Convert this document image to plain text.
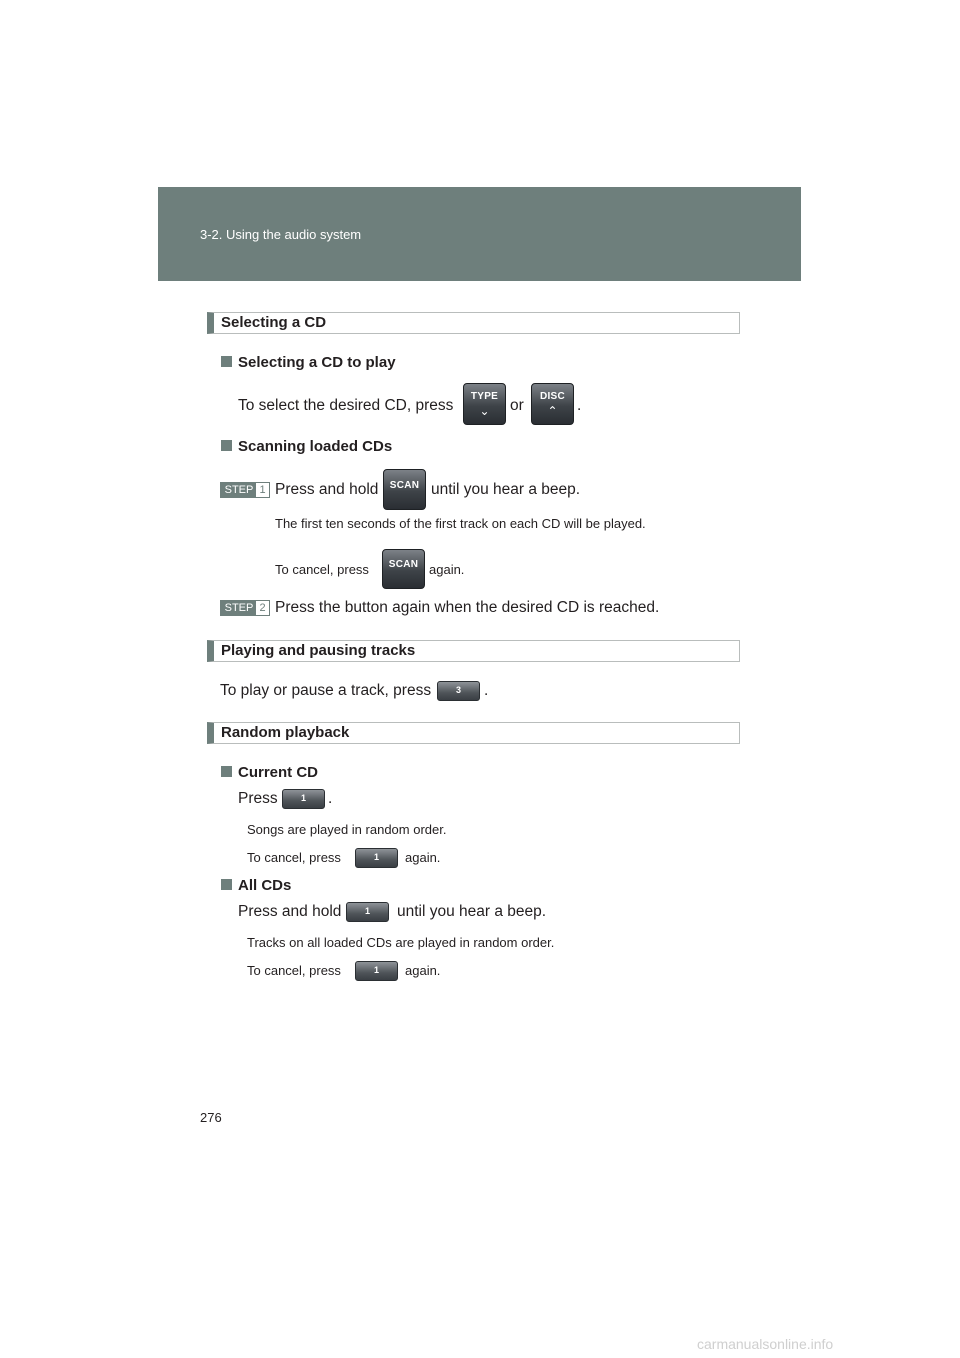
3-2. Using the audio system
Selecting a CD
Selecting a CD to play
To select the desired CD, press
TYPE
⌄	or
DISC
⌃	.
Scanning loaded CDs
STEP 1 Press and hold	SCAN until you hear a beep.
The first ten seconds of the first track on each CD will be played.
To cancel, press	SCAN again.
STEP 2 Press the button again when the desired CD is reached.
Playing and pausing tracks
To play or pause a track, press	3	.
Random playback
Current CD
Press	1	.
Songs are played in random order.
To cancel, press	1	again.
All CDs
Press and hold	1	until you hear a beep.
Tracks on all loaded CDs are played in random order.
To cancel, press	1	again.
276
carmanualsonline.info
